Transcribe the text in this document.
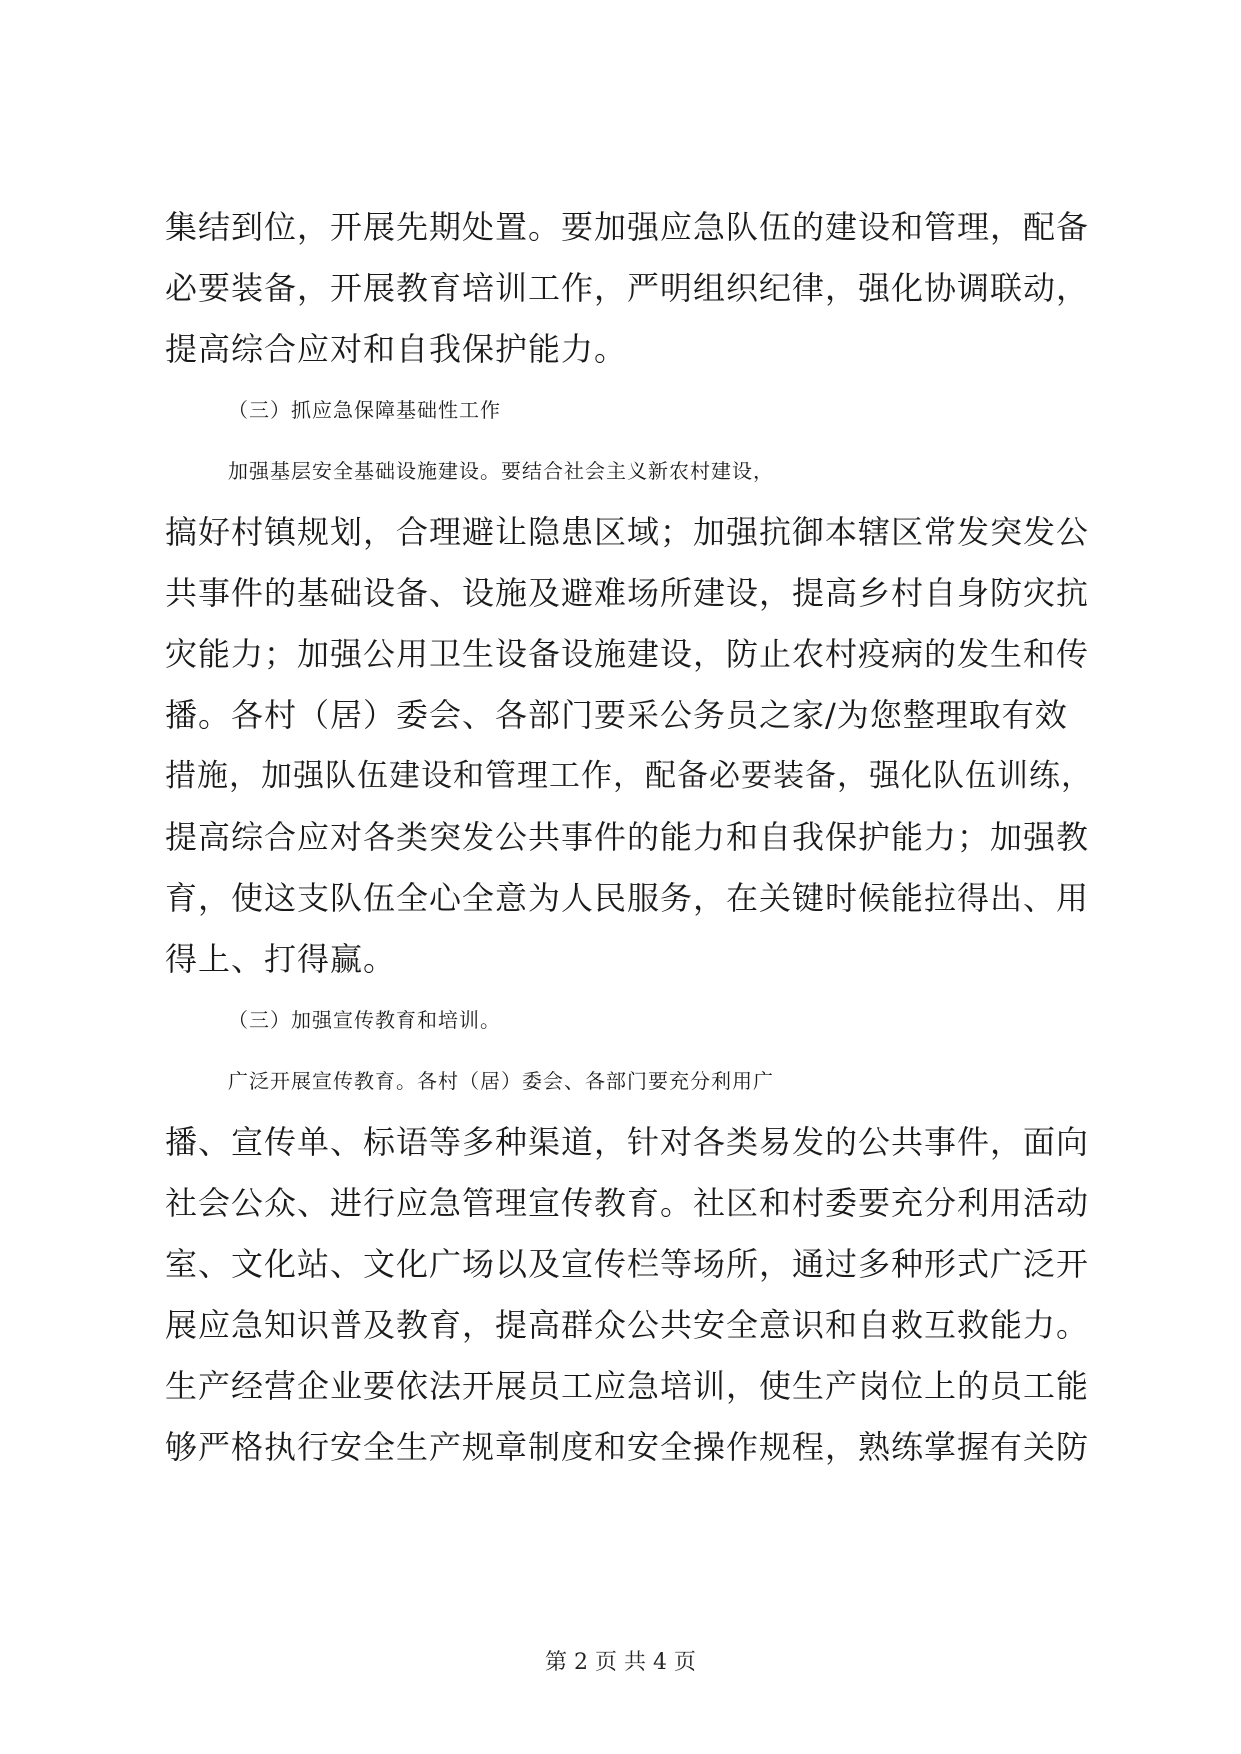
集结到位，开展先期处置。要加强应急队伍的建设和管理，配备
必要装备，开展教育培训工作，严明组织纪律，强化协调联动，
提高综合应对和自我保护能力。
（三）抓应急保障基础性工作
加强基层安全基础设施建设。要结合社会主义新农村建设，
搞好村镇规划，合理避让隐患区域；加强抗御本辖区常发突发公
共事件的基础设备、设施及避难场所建设，提高乡村自身防灾抗
灾能力；加强公用卫生设备设施建设，防止农村疫病的发生和传
播。各村（居）委会、各部门要采公务员之家/为您整理取有效
措施，加强队伍建设和管理工作，配备必要装备，强化队伍训练，
提高综合应对各类突发公共事件的能力和自我保护能力；加强教
育，使这支队伍全心全意为人民服务，在关键时候能拉得出、用
得上、打得赢。
（三）加强宣传教育和培训。
广泛开展宣传教育。各村（居）委会、各部门要充分利用广
播、宣传单、标语等多种渠道，针对各类易发的公共事件，面向
社会公众、进行应急管理宣传教育。社区和村委要充分利用活动
室、文化站、文化广场以及宣传栏等场所，通过多种形式广泛开
展应急知识普及教育，提高群众公共安全意识和自救互救能力。
生产经营企业要依法开展员工应急培训，使生产岗位上的员工能
够严格执行安全生产规章制度和安全操作规程，熟练掌握有关防
第 2 页 共 4 页
